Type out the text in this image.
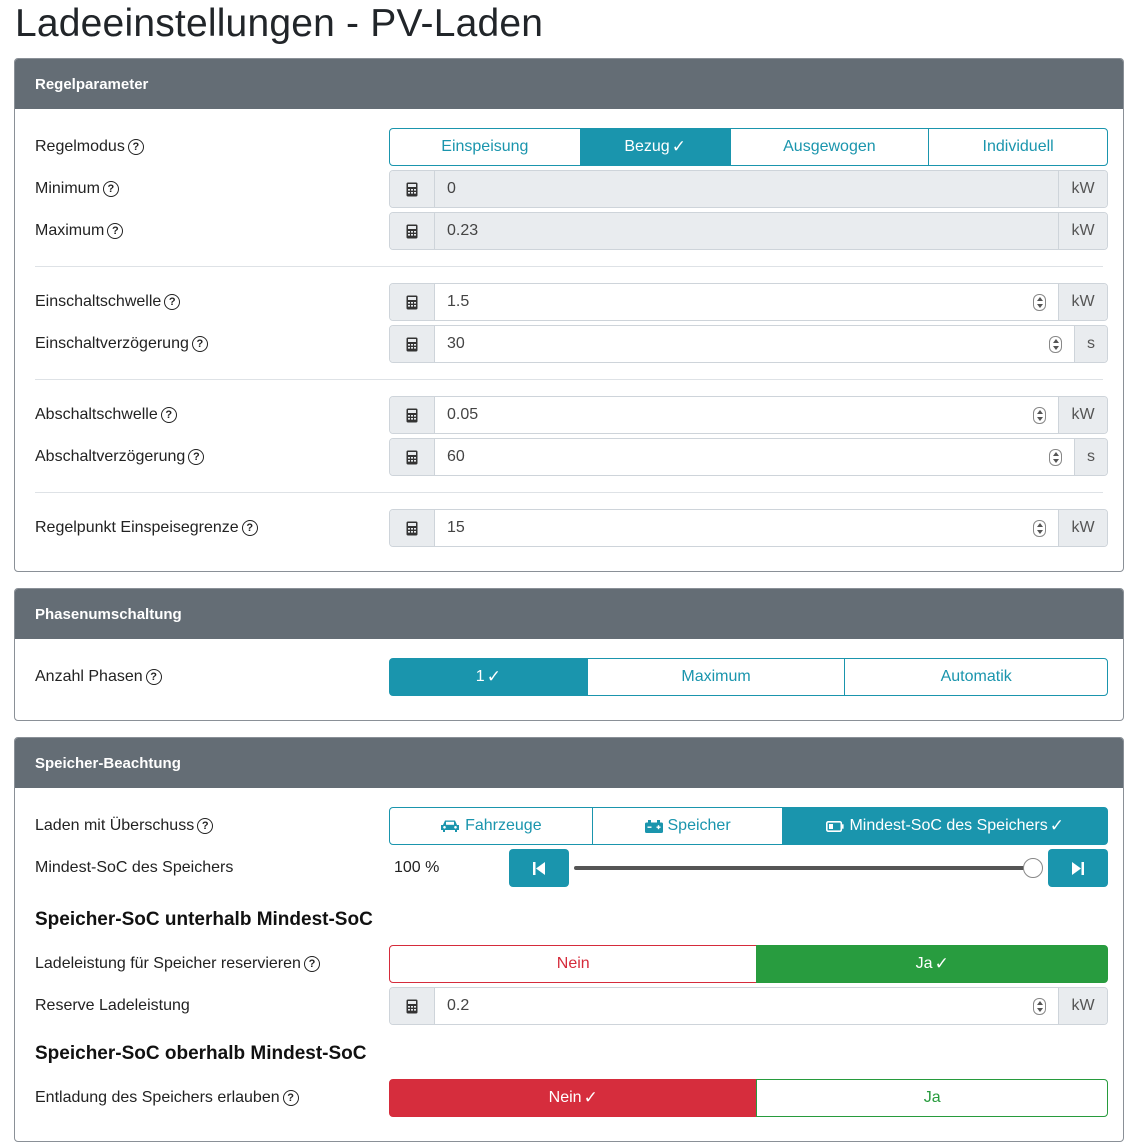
Ladeeinstellungen - PV-Laden
Regelparameter
Regelmodus ?	Einspeisung	Bezug ✓	Ausgewogen	Individuell
Minimum ?	0	kW
Maximum ?	0.23	kW
Einschaltschwelle ?	1.5	kW
Einschaltverzögerung ?	30	s
Abschaltschwelle ?	0.05	kW
Abschaltverzögerung ?	60	s
Regelpunkt Einspeisegrenze ?	15	kW
Phasenumschaltung
Anzahl Phasen ?	1 ✓	Maximum	Automatik
Speicher-Beachtung
Laden mit Überschuss ?	Fahrzeuge	Speicher	Mindest-SoC des Speichers ✓
Mindest-SoC des Speichers	100 %
Speicher-SoC unterhalb Mindest-SoC
Ladeleistung für Speicher reservieren ?	Nein	Ja ✓
Reserve Ladeleistung	0.2	kW
Speicher-SoC oberhalb Mindest-SoC
Entladung des Speichers erlauben ?	Nein ✓	Ja
